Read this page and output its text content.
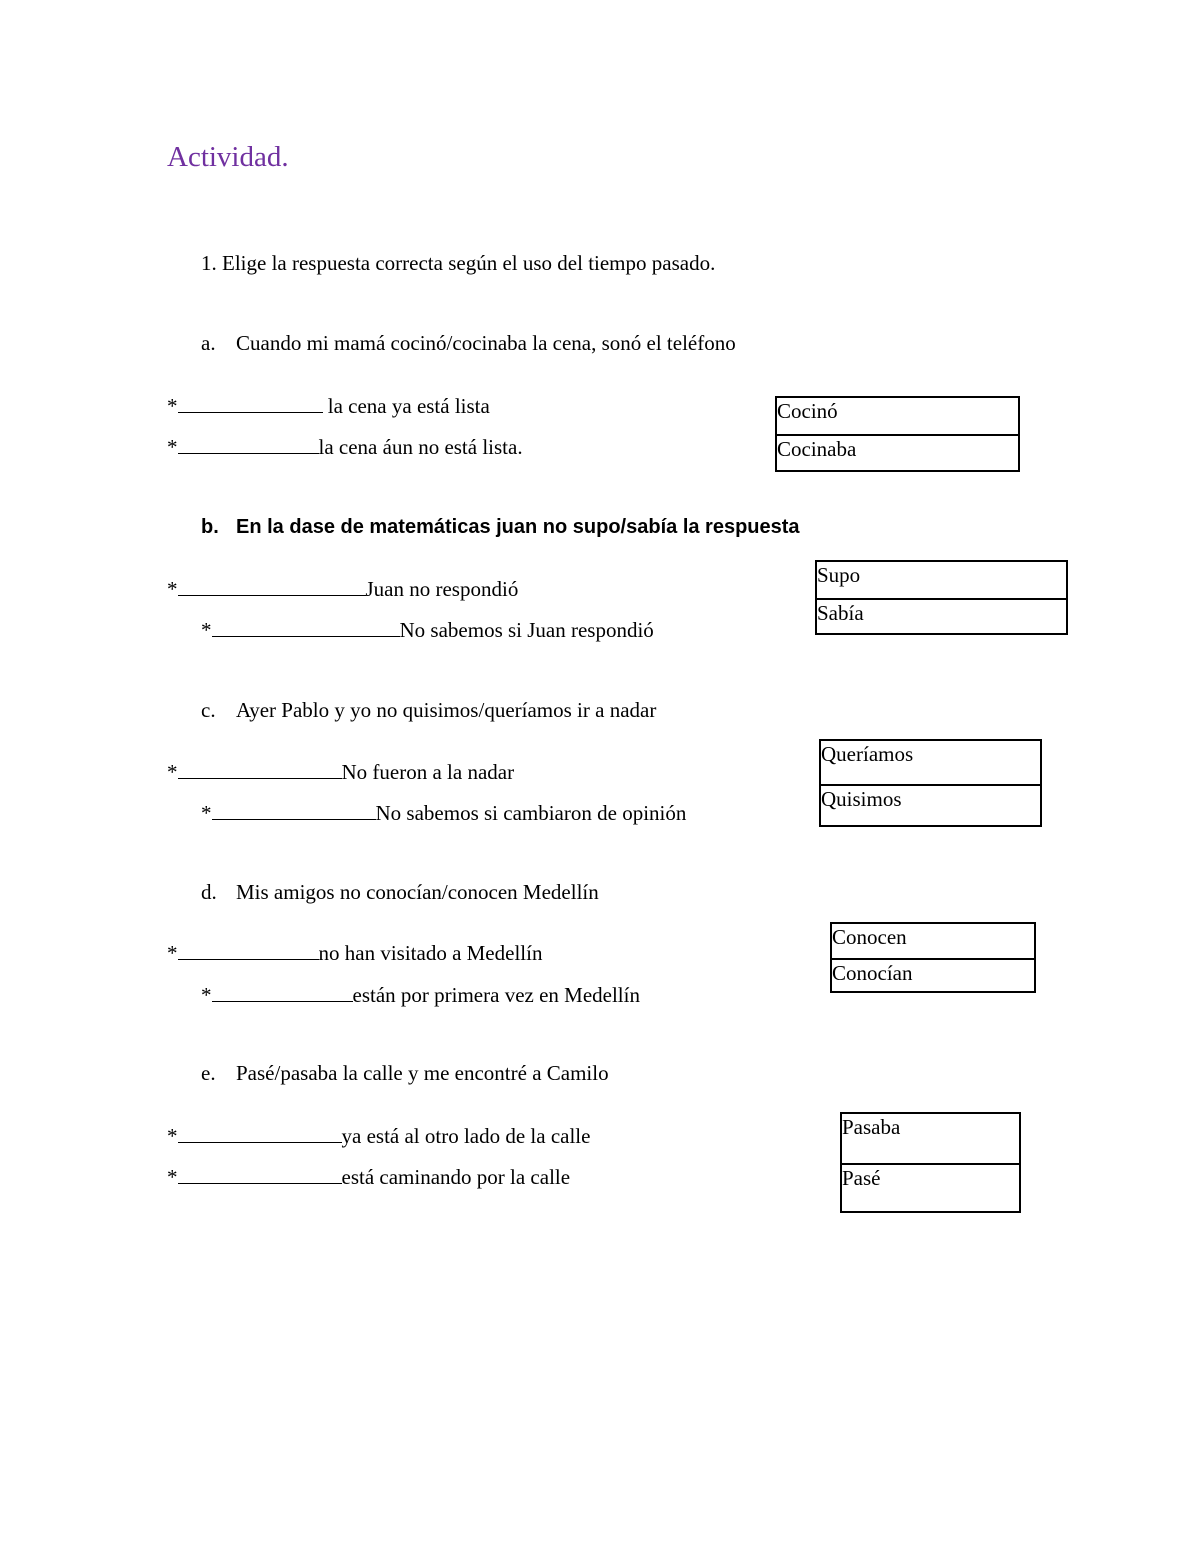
Actividad.
1. Elige la respuesta correcta según el uso del tiempo pasado.
a. Cuando mi mamá cocinó/cocinaba la cena, sonó el teléfono
*	la cena ya está lista
*	la cena áun no está lista.
Cocinó
Cocinaba
b. En la dase de matemáticas juan no supo/sabía la respuesta
*	Juan no respondió
*	No sabemos si Juan respondió
Supo
Sabía
c. Ayer Pablo y yo no quisimos/queríamos ir a nadar
*	No fueron a la nadar
*	No sabemos si cambiaron de opinión
Queríamos
Quisimos
d. Mis amigos no conocían/conocen Medellín
*	no han visitado a Medellín
*	están por primera vez en Medellín
Conocen
Conocían
e. Pasé/pasaba la calle y me encontré a Camilo
*	ya está al otro lado de la calle
*	está caminando por la calle
Pasaba
Pasé
